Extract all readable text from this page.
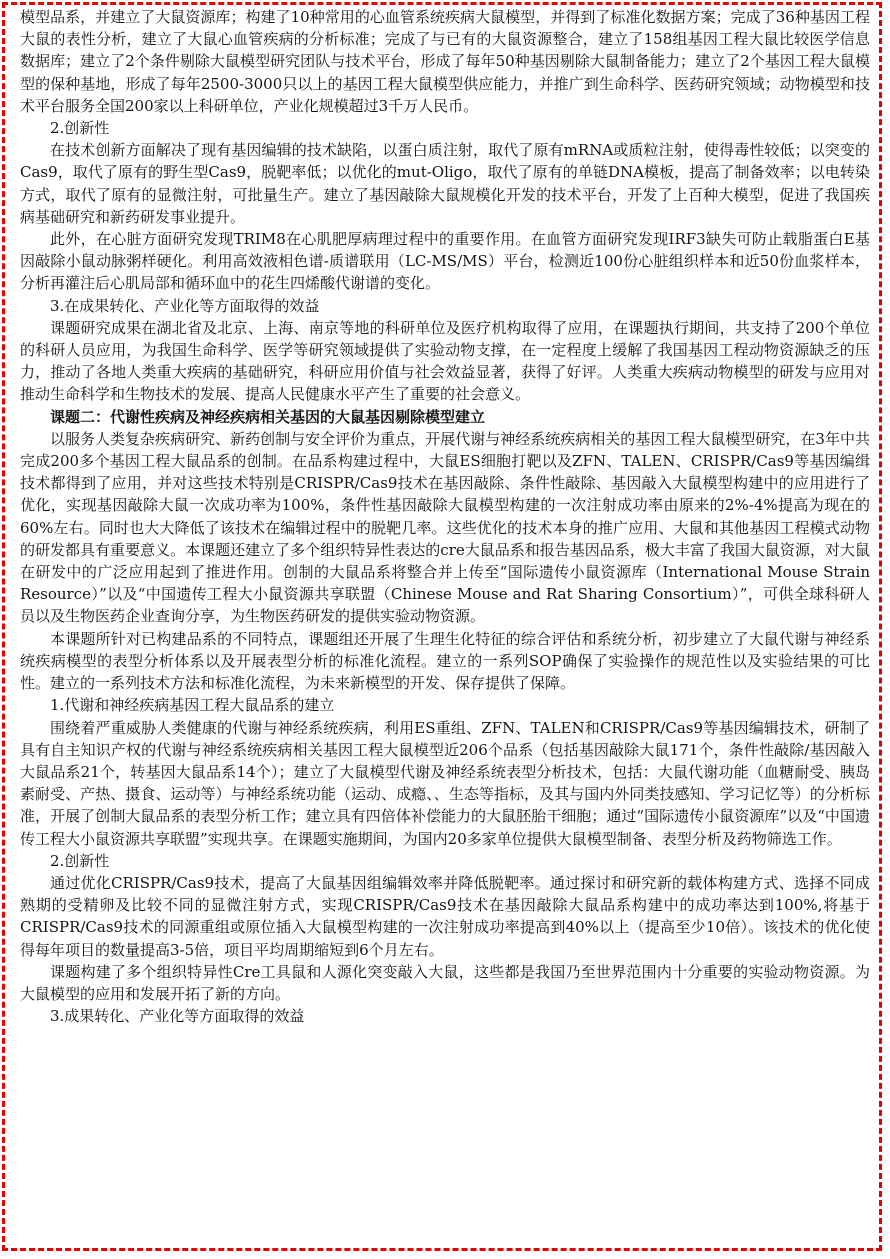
模型品系，并建立了大鼠资源库；构建了10种常用的心血管系统疾病大鼠模型，并得到了标准化数据方案；完成了36种基因工程大鼠的表性分析，建立了大鼠心血管疾病的分析标准；完成了与已有的大鼠资源整合，建立了158组基因工程大鼠比较医学信息数据库；建立了2个条件剔除大鼠模型研究团队与技术平台，形成了每年50种基因剔除大鼠制备能力；建立了2个基因工程大鼠模型的保种基地，形成了每年2500-3000只以上的基因工程大鼠模型供应能力，并推广到生命科学、医药研究领域；动物模型和技术平台服务全国200家以上科研单位，产业化规模超过3千万人民币。

2.创新性

在技术创新方面解决了现有基因编辑的技术缺陷，以蛋白质注射，取代了原有mRNA或质粒注射，使得毒性较低；以突变的Cas9，取代了原有的野生型Cas9，脱靶率低；以优化的mut-Oligo，取代了原有的单链DNA模板，提高了制备效率；以电转染方式，取代了原有的显微注射，可批量生产。建立了基因敲除大鼠规模化开发的技术平台，开发了上百种大模型，促进了我国疾病基础研究和新药研发事业提升。

此外，在心脏方面研究发现TRIM8在心肌肥厚病理过程中的重要作用。在血管方面研究发现IRF3缺失可防止载脂蛋白E基因敲除小鼠动脉粥样硬化。利用高效液相色谱-质谱联用（LC-MS/MS）平台，检测近100份心脏组织样本和近50份血浆样本，分析再灌注后心肌局部和循环血中的花生四烯酸代谢谱的变化。

3.在成果转化、产业化等方面取得的效益

课题研究成果在湖北省及北京、上海、南京等地的科研单位及医疗机构取得了应用，在课题执行期间，共支持了200个单位的科研人员应用，为我国生命科学、医学等研究领域提供了实验动物支撑，在一定程度上缓解了我国基因工程动物资源缺乏的压力，推动了各地人类重大疾病的基础研究，科研应用价值与社会效益显著，获得了好评。人类重大疾病动物模型的研发与应用对推动生命科学和生物技术的发展、提高人民健康水平产生了重要的社会意义。

课题二：代谢性疾病及神经疾病相关基因的大鼠基因剔除模型建立

以服务人类复杂疾病研究、新药创制与安全评价为重点，开展代谢与神经系统疾病相关的基因工程大鼠模型研究，在3年中共完成200多个基因工程大鼠品系的创制。在品系构建过程中，大鼠ES细胞打靶以及ZFN、TALEN、CRISPR/Cas9等基因编缉技术都得到了应用，并对这些技术特别是CRISPR/Cas9技术在基因敲除、条件性敲除、基因敲入大鼠模型构建中的应用进行了优化，实现基因敲除大鼠一次成功率为100%，条件性基因敲除大鼠模型构建的一次注射成功率由原来的2%-4%提高为现在的60%左右。同时也大大降低了该技术在编辑过程中的脱靶几率。这些优化的技术本身的推广应用、大鼠和其他基因工程模式动物的研发都具有重要意义。本课题还建立了多个组织特异性表达的cre大鼠品系和报告基因品系，极大丰富了我国大鼠资源，对大鼠在研发中的广泛应用起到了推进作用。创制的大鼠品系将整合并上传至“国际遗传小鼠资源库（International Mouse Strain Resource）”以及“中国遗传工程大小鼠资源共享联盟（Chinese Mouse and Rat Sharing Consortium）”，可供全球科研人员以及生物医药企业查询分享，为生物医药研发的提供实验动物资源。

本课题所针对已构建品系的不同特点，课题组还开展了生理生化特征的综合评估和系统分析，初步建立了大鼠代谢与神经系统疾病模型的表型分析体系以及开展表型分析的标准化流程。建立的一系列SOP确保了实验操作的规范性以及实验结果的可比性。建立的一系列技术方法和标准化流程，为未来新模型的开发、保存提供了保障。

1.代谢和神经疾病基因工程大鼠品系的建立

围绕着严重威胁人类健康的代谢与神经系统疾病，利用ES重组、ZFN、TALEN和CRISPR/Cas9等基因编辑技术，研制了具有自主知识产权的代谢与神经系统疾病相关基因工程大鼠模型近206个品系（包括基因敲除大鼠171个，条件性敲除/基因敲入大鼠品系21个，转基因大鼠品系14个）；建立了大鼠模型代谢及神经系统表型分析技术，包括：大鼠代谢功能（血糖耐受、胰岛素耐受、产热、摄食、运动等）与神经系统功能（运动、成瘾、、生态等指标，及其与国内外同类技感知、学习记忆等）的分析标准，开展了创制大鼠品系的表型分析工作；建立具有四倍体补偿能力的大鼠胚胎干细胞；通过“国际遗传小鼠资源库”以及“中国遗传工程大小鼠资源共享联盟”实现共享。在课题实施期间，为国内20多家单位提供大鼠模型制备、表型分析及药物筛选工作。

2.创新性

通过优化CRISPR/Cas9技术，提高了大鼠基因组编辑效率并降低脱靶率。通过探讨和研究新的载体构建方式、选择不同成熟期的受精卵及比较不同的显微注射方式，实现CRISPR/Cas9技术在基因敲除大鼠品系构建中的成功率达到100%,将基于CRISPR/Cas9技术的同源重组或原位插入大鼠模型构建的一次注射成功率提高到40%以上（提高至少10倍）。该技术的优化使得每年项目的数量提高3-5倍，项目平均周期缩短到6个月左右。

课题构建了多个组织特异性Cre工具鼠和人源化突变敲入大鼠，这些都是我国乃至世界范围内十分重要的实验动物资源。为大鼠模型的应用和发展开拓了新的方向。

3.成果转化、产业化等方面取得的效益
